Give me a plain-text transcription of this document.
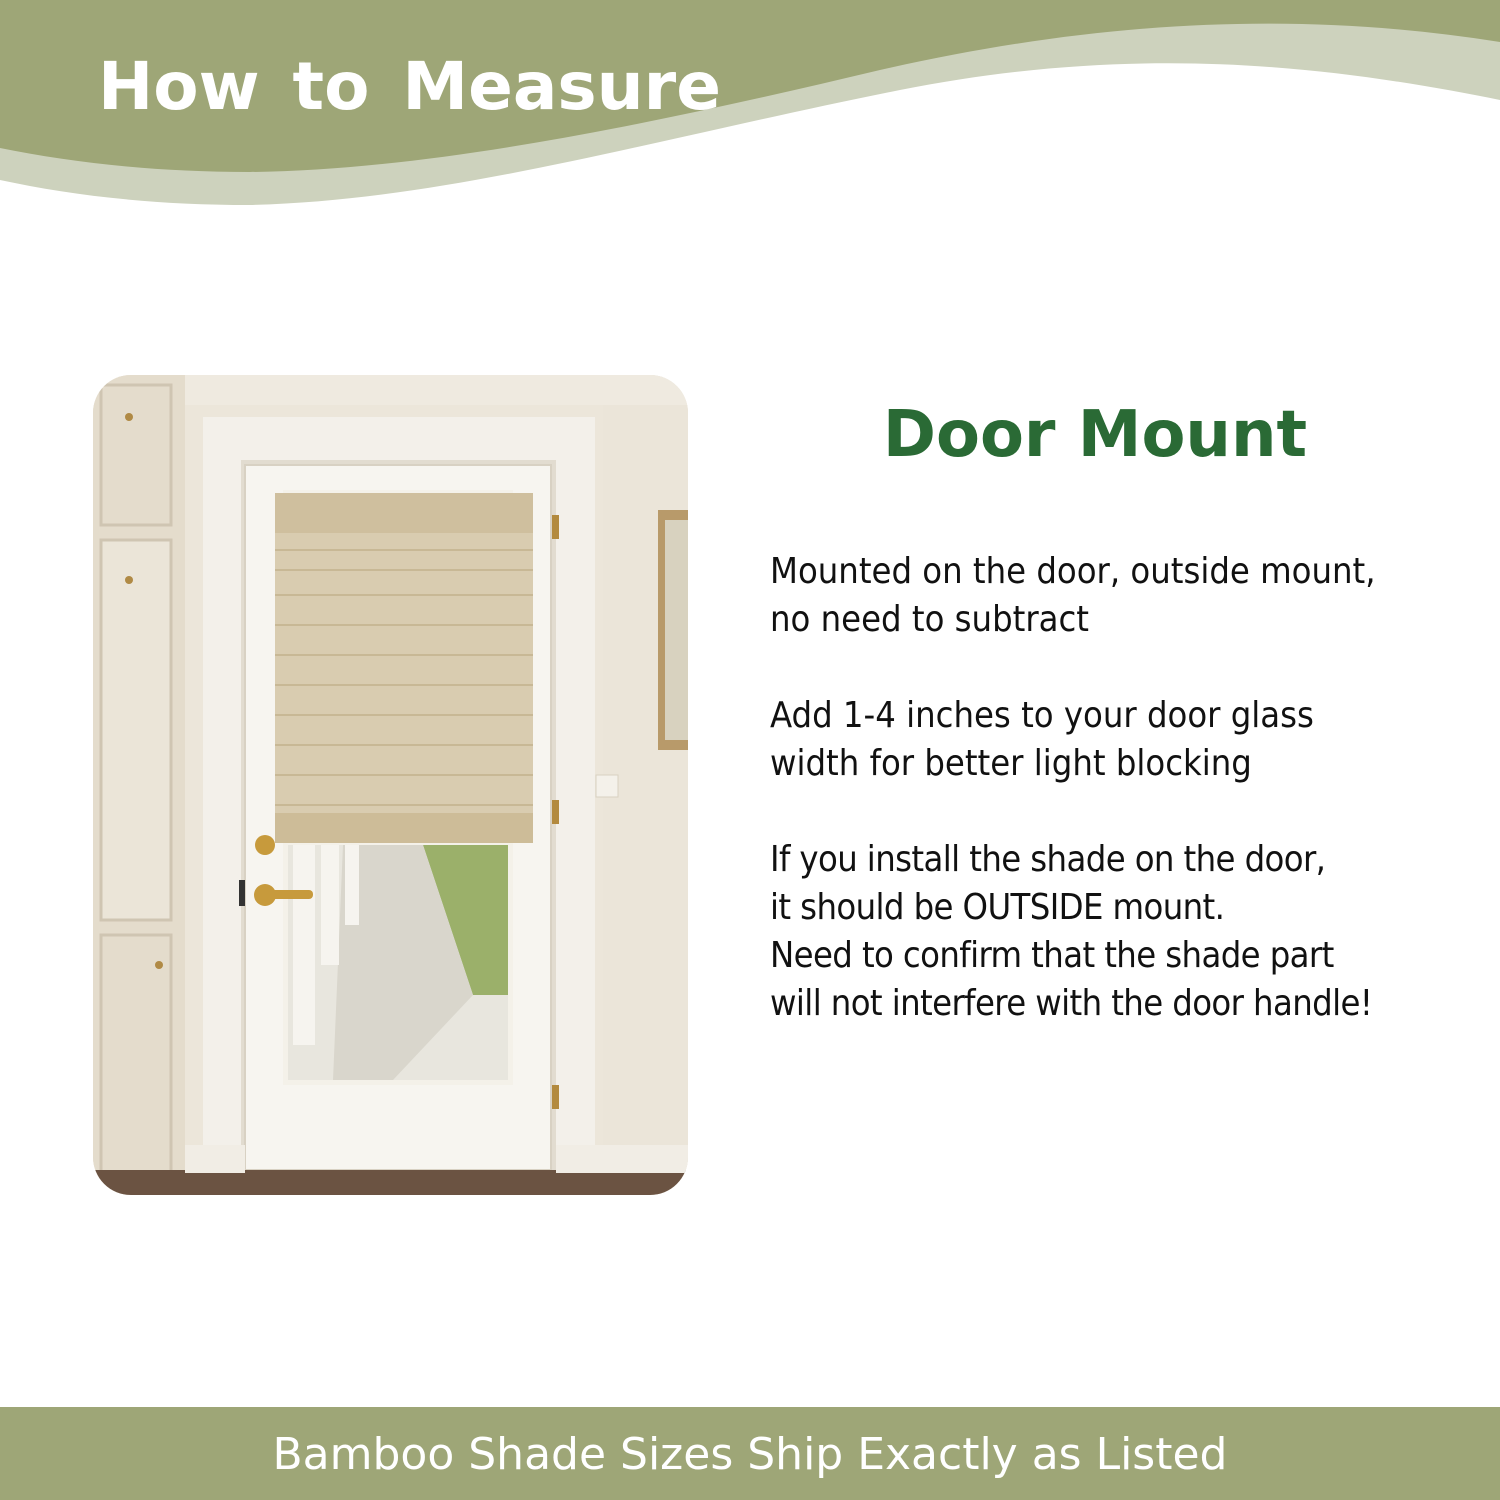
How to Measure
Door Mount

Mounted on the door, outside mount,
no need to subtract

Add 1-4 inches to your door glass
width for better light blocking

If you install the shade on the door,
it should be OUTSIDE mount.
Need to confirm that the shade part
will not interfere with the door handle!

Bamboo Shade Sizes Ship Exactly as Listed
